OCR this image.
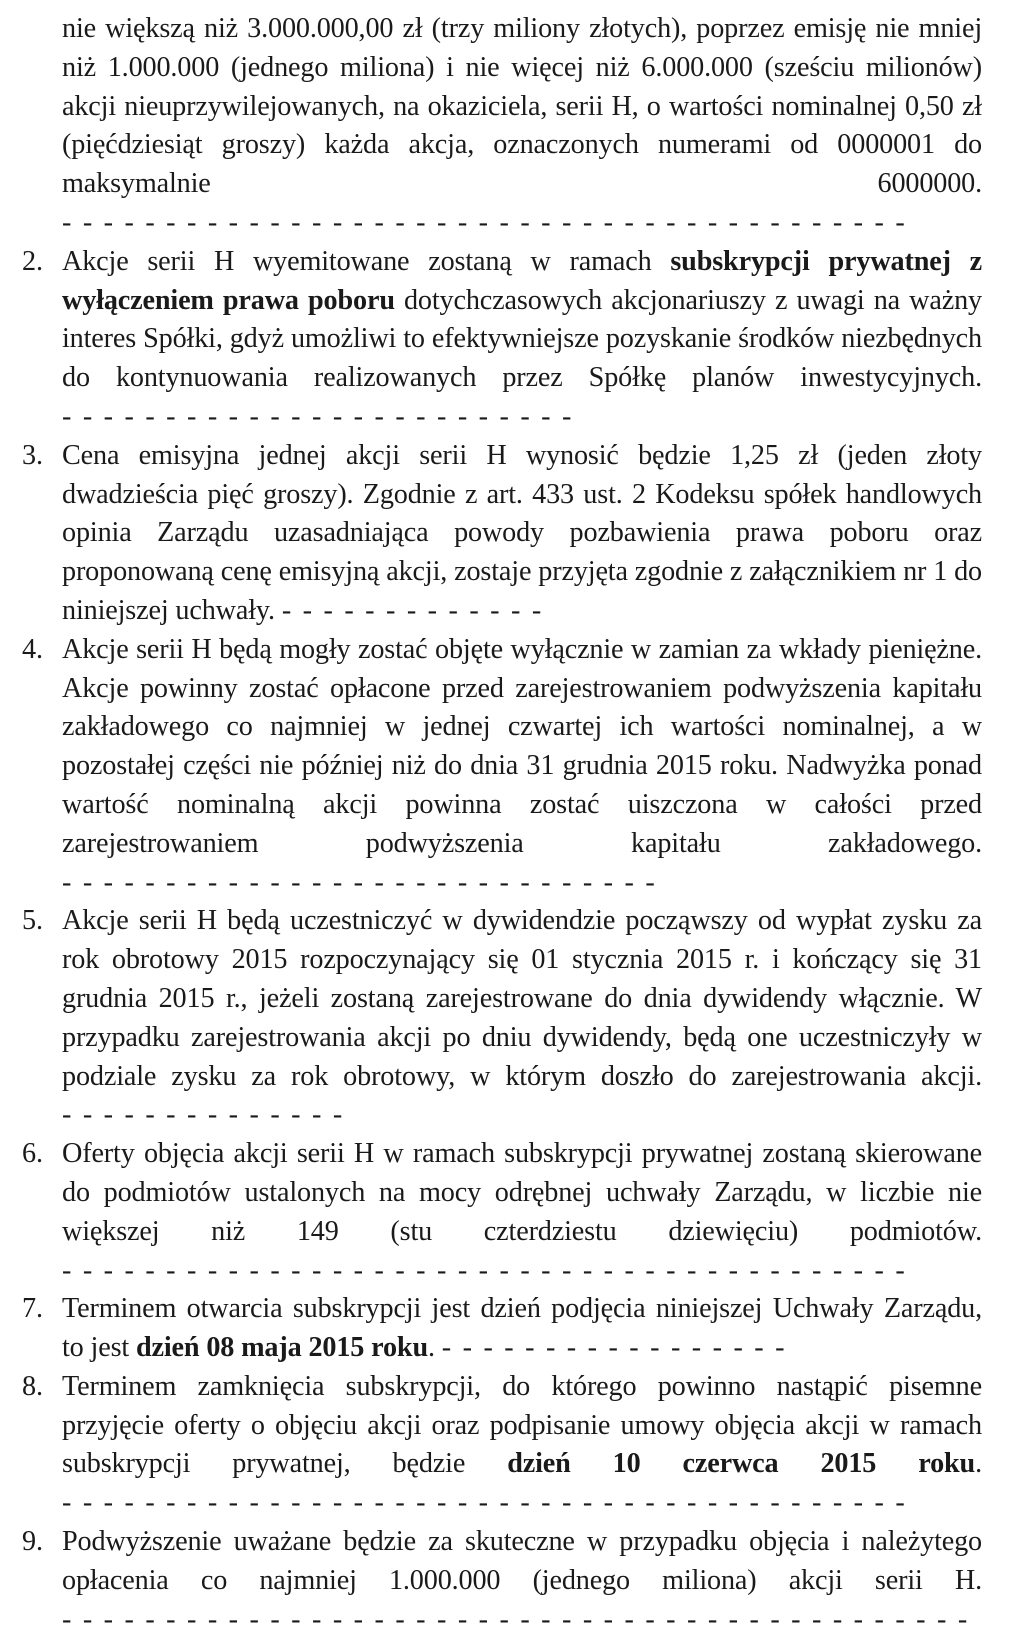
nie większą niż 3.000.000,00 zł (trzy miliony złotych), poprzez emisję nie mniej niż 1.000.000 (jednego miliona) i nie więcej niż 6.000.000 (sześciu milionów) akcji nieuprzywilejowanych, na okaziciela, serii H, o wartości nominalnej 0,50 zł (pięćdziesiąt groszy) każda akcja, oznaczonych numerami od 0000001 do maksymalnie 6000000. - - - - - - - - - - - - - - - - - - - - - - - - - - - - - - - - - - - - - - - - -
2. Akcje serii H wyemitowane zostaną w ramach subskrypcji prywatnej z wyłączeniem prawa poboru dotychczasowych akcjonariuszy z uwagi na ważny interes Spółki, gdyż umożliwi to efektywniejsze pozyskanie środków niezbędnych do kontynuowania realizowanych przez Spółkę planów inwestycyjnych. - - - - - - - - - - - - - - - - - - - - - - - - -
3. Cena emisyjna jednej akcji serii H wynosić będzie 1,25 zł (jeden złoty dwadzieścia pięć groszy). Zgodnie z art. 433 ust. 2 Kodeksu spółek handlowych opinia Zarządu uzasadniająca powody pozbawienia prawa poboru oraz proponowaną cenę emisyjną akcji, zostaje przyjęta zgodnie z załącznikiem nr 1 do niniejszej uchwały. - - - - - - - - - - - - -
4. Akcje serii H będą mogły zostać objęte wyłącznie w zamian za wkłady pieniężne. Akcje powinny zostać opłacone przed zarejestrowaniem podwyższenia kapitału zakładowego co najmniej w jednej czwartej ich wartości nominalnej, a w pozostałej części nie później niż do dnia 31 grudnia 2015 roku. Nadwyżka ponad wartość nominalną akcji powinna zostać uiszczona w całości przed zarejestrowaniem podwyższenia kapitału zakładowego. - - - - - - - - - - - - - - - - - - - - - - - - - - - - -
5. Akcje serii H będą uczestniczyć w dywidendzie począwszy od wypłat zysku za rok obrotowy 2015 rozpoczynający się 01 stycznia 2015 r. i kończący się 31 grudnia 2015 r., jeżeli zostaną zarejestrowane do dnia dywidendy włącznie. W przypadku zarejestrowania akcji po dniu dywidendy, będą one uczestniczyły w podziale zysku za rok obrotowy, w którym doszło do zarejestrowania akcji. - - - - - - - - - - - - - -
6. Oferty objęcia akcji serii H w ramach subskrypcji prywatnej zostaną skierowane do podmiotów ustalonych na mocy odrębnej uchwały Zarządu, w liczbie nie większej niż 149 (stu czterdziestu dziewięciu) podmiotów. - - - - - - - - - - - - - - - - - - - - - - - - - - - - - - - - - - - - - - - - -
7. Terminem otwarcia subskrypcji jest dzień podjęcia niniejszej Uchwały Zarządu, to jest dzień 08 maja 2015 roku. - - - - - - - - - - - - - - - - -
8. Terminem zamknięcia subskrypcji, do którego powinno nastąpić pisemne przyjęcie oferty o objęciu akcji oraz podpisanie umowy objęcia akcji w ramach subskrypcji prywatnej, będzie dzień 10 czerwca 2015 roku. - - - - - - - - - - - - - - - - - - - - - - - - - - - - - - - - - - - - - - - - -
9. Podwyższenie uważane będzie za skuteczne w przypadku objęcia i należytego opłacenia co najmniej 1.000.000 (jednego miliona) akcji serii H. - - - - - - - - - - - - - - - - - - - - - - - - - - - - - - - - - - - - - - - - - - - -
